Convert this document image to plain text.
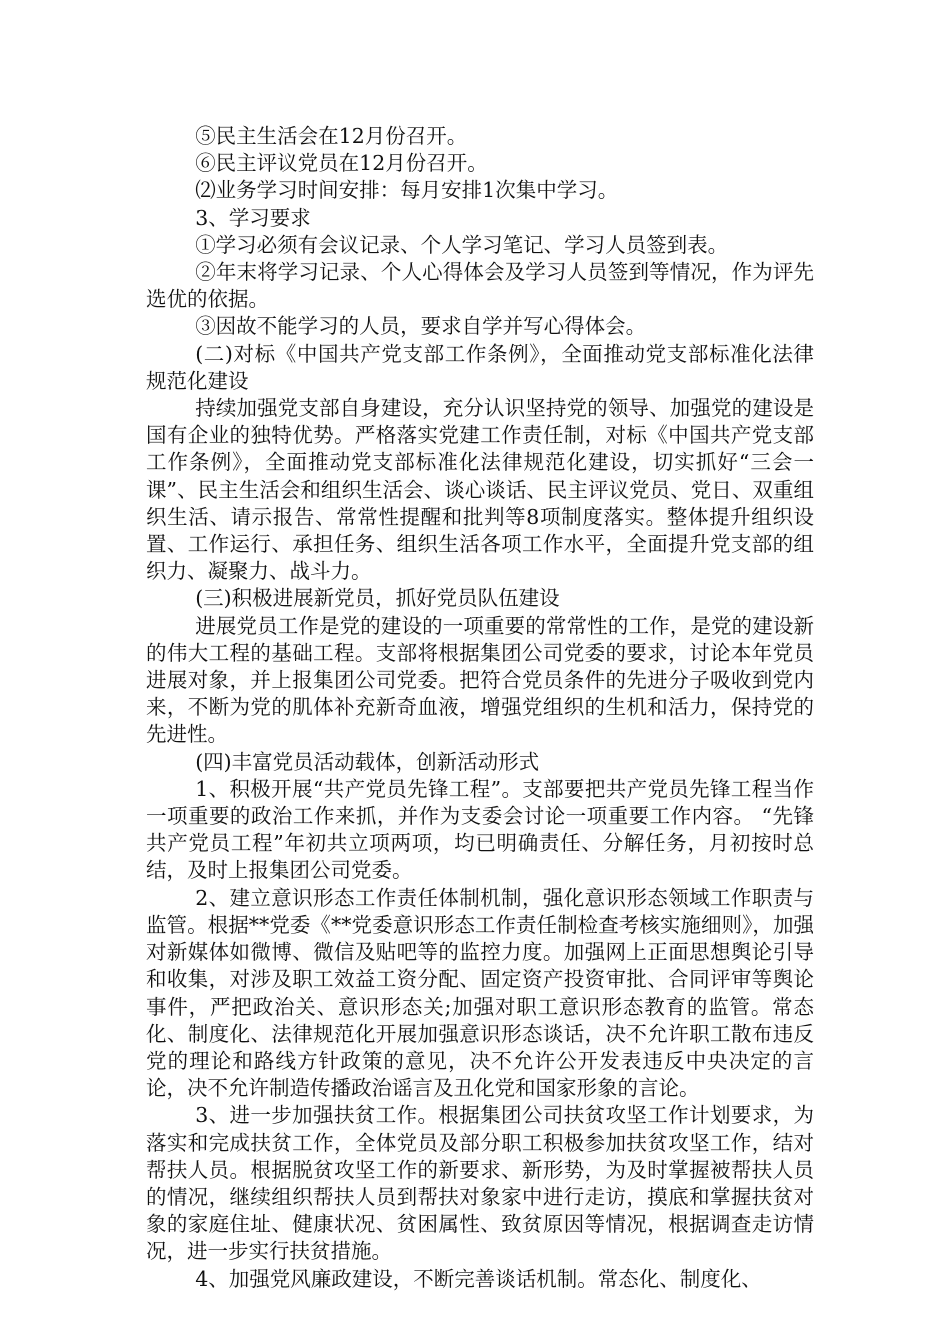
⑤民主生活会在12月份召开。

⑥民主评议党员在12月份召开。

⑵业务学习时间安排：每月安排1次集中学习。

3、学习要求

①学习必须有会议记录、个人学习笔记、学习人员签到表。

②年末将学习记录、个人心得体会及学习人员签到等情况，作为评先选优的依据。

③因故不能学习的人员，要求自学并写心得体会。

(二)对标《中国共产党支部工作条例》，全面推动党支部标准化法律规范化建设

持续加强党支部自身建设，充分认识坚持党的领导、加强党的建设是国有企业的独特优势。严格落实党建工作责任制，对标《中国共产党支部工作条例》，全面推动党支部标准化法律规范化建设，切实抓好“三会一课”、民主生活会和组织生活会、谈心谈话、民主评议党员、党日、双重组织生活、请示报告、常常性提醒和批判等8项制度落实。整体提升组织设置、工作运行、承担任务、组织生活各项工作水平，全面提升党支部的组织力、凝聚力、战斗力。

(三)积极进展新党员，抓好党员队伍建设

进展党员工作是党的建设的一项重要的常常性的工作，是党的建设新的伟大工程的基础工程。支部将根据集团公司党委的要求，讨论本年党员进展对象，并上报集团公司党委。把符合党员条件的先进分子吸收到党内来，不断为党的肌体补充新奇血液，增强党组织的生机和活力，保持党的先进性。

(四)丰富党员活动载体，创新活动形式

1、积极开展“共产党员先锋工程”。支部要把共产党员先锋工程当作一项重要的政治工作来抓，并作为支委会讨论一项重要工作内容。 “先锋共产党员工程”年初共立项两项，均已明确责任、分解任务，月初按时总结，及时上报集团公司党委。

2、建立意识形态工作责任体制机制，强化意识形态领域工作职责与监管。根据**党委《**党委意识形态工作责任制检查考核实施细则》，加强对新媒体如微博、微信及贴吧等的监控力度。加强网上正面思想舆论引导和收集，对涉及职工效益工资分配、固定资产投资审批、合同评审等舆论事件，严把政治关、意识形态关;加强对职工意识形态教育的监管。常态化、制度化、法律规范化开展加强意识形态谈话，决不允许职工散布违反党的理论和路线方针政策的意见，决不允许公开发表违反中央决定的言论，决不允许制造传播政治谣言及丑化党和国家形象的言论。

3、进一步加强扶贫工作。根据集团公司扶贫攻坚工作计划要求，为落实和完成扶贫工作，全体党员及部分职工积极参加扶贫攻坚工作，结对帮扶人员。根据脱贫攻坚工作的新要求、新形势，为及时掌握被帮扶人员的情况，继续组织帮扶人员到帮扶对象家中进行走访，摸底和掌握扶贫对象的家庭住址、健康状况、贫困属性、致贫原因等情况，根据调查走访情况，进一步实行扶贫措施。

4、加强党风廉政建设，不断完善谈话机制。常态化、制度化、
